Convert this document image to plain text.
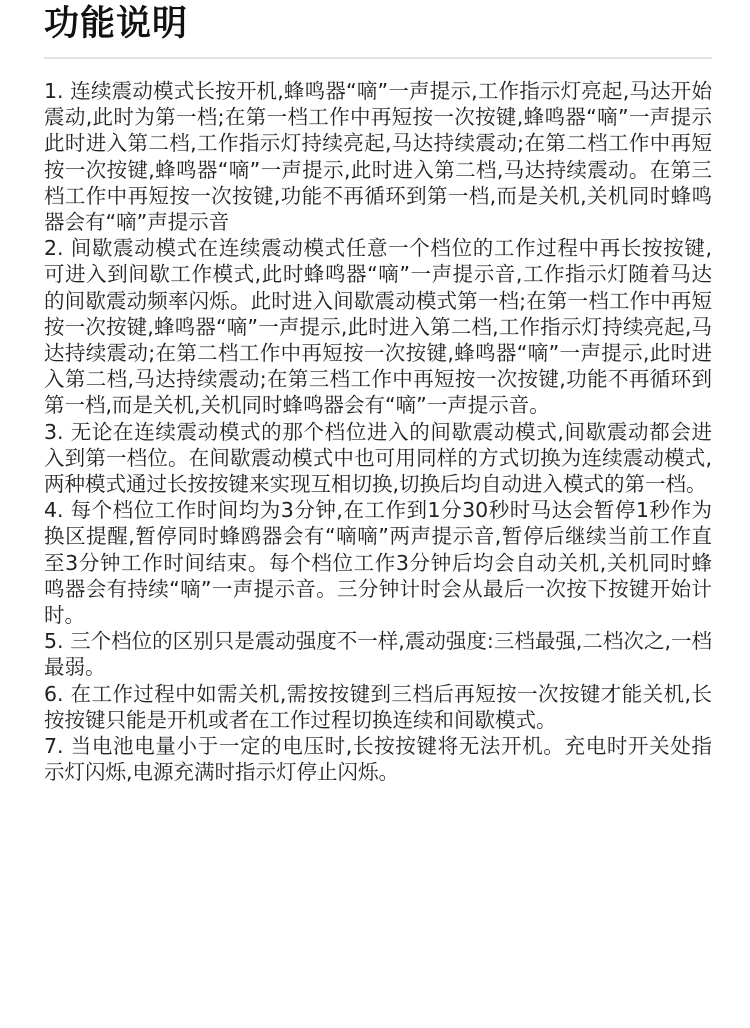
功能说明

1. 连续震动模式长按开机,蜂鸣器“嘀”一声提示,工作指示灯亮起,马达开始震动,此时为第一档;在第一档工作中再短按一次按键,蜂鸣器“嘀”一声提示此时进入第二档,工作指示灯持续亮起,马达持续震动;在第二档工作中再短按一次按键,蜂鸣器“嘀”一声提示,此时进入第二档,马达持续震动。在第三档工作中再短按一次按键,功能不再循环到第一档,而是关机,关机同时蜂鸣器会有“嘀”声提示音

2. 间歇震动模式在连续震动模式任意一个档位的工作过程中再长按按键,可进入到间歇工作模式,此时蜂鸣器“嘀”一声提示音,工作指示灯随着马达的间歇震动频率闪烁。此时进入间歇震动模式第一档;在第一档工作中再短按一次按键,蜂鸣器“嘀”一声提示,此时进入第二档,工作指示灯持续亮起,马达持续震动;在第二档工作中再短按一次按键,蜂鸣器“嘀”一声提示,此时进入第二档,马达持续震动;在第三档工作中再短按一次按键,功能不再循环到第一档,而是关机,关机同时蜂鸣器会有“嘀”一声提示音。

3. 无论在连续震动模式的那个档位进入的间歇震动模式,间歇震动都会进入到第一档位。在间歇震动模式中也可用同样的方式切换为连续震动模式,两种模式通过长按按键来实现互相切换,切换后均自动进入模式的第一档。

4. 每个档位工作时间均为3分钟,在工作到1分30秒时马达会暂停1秒作为换区提醒,暂停同时蜂鸥器会有“嘀嘀”两声提示音,暂停后继续当前工作直至3分钟工作时间结束。每个档位工作3分钟后均会自动关机,关机同时蜂鸣器会有持续“嘀”一声提示音。三分钟计时会从最后一次按下按键开始计时。

5. 三个档位的区别只是震动强度不一样,震动强度:三档最强,二档次之,一档最弱。

6. 在工作过程中如需关机,需按按键到三档后再短按一次按键才能关机,长按按键只能是开机或者在工作过程切换连续和间歇模式。

7. 当电池电量小于一定的电压时,长按按键将无法开机。充电时开关处指示灯闪烁,电源充满时指示灯停止闪烁。
